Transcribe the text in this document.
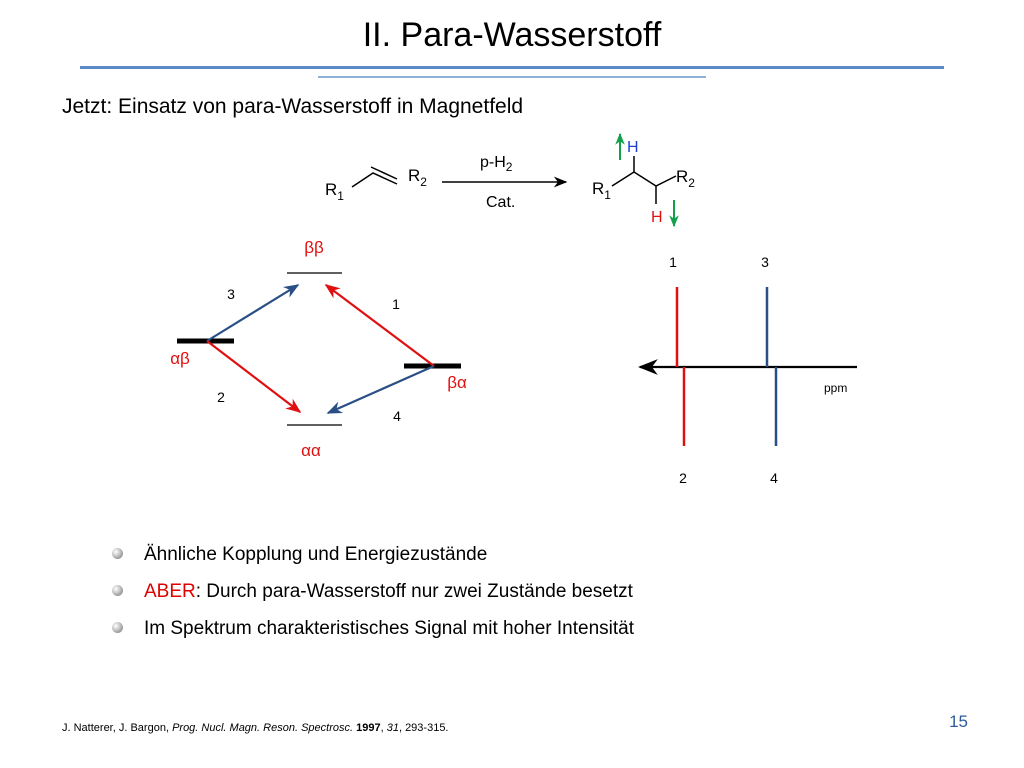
II. Para-Wasserstoff
Jetzt: Einsatz von para-Wasserstoff in Magnetfeld
$R_1$
$R_2$
$p-H_2$
Cat.
$R_1$
$R_2$
H
H
ββ
αβ
βα
αα
3
1
2
4
ppm
1	3
2	4
Ähnliche Kopplung und Energiezustände
ABER: Durch para-Wasserstoff nur zwei Zustände besetzt
Im Spektrum charakteristisches Signal mit hoher Intensität
J. Natterer, J. Bargon, Prog. Nucl. Magn. Reson. Spectrosc. 1997, 31, 293-315.	15
